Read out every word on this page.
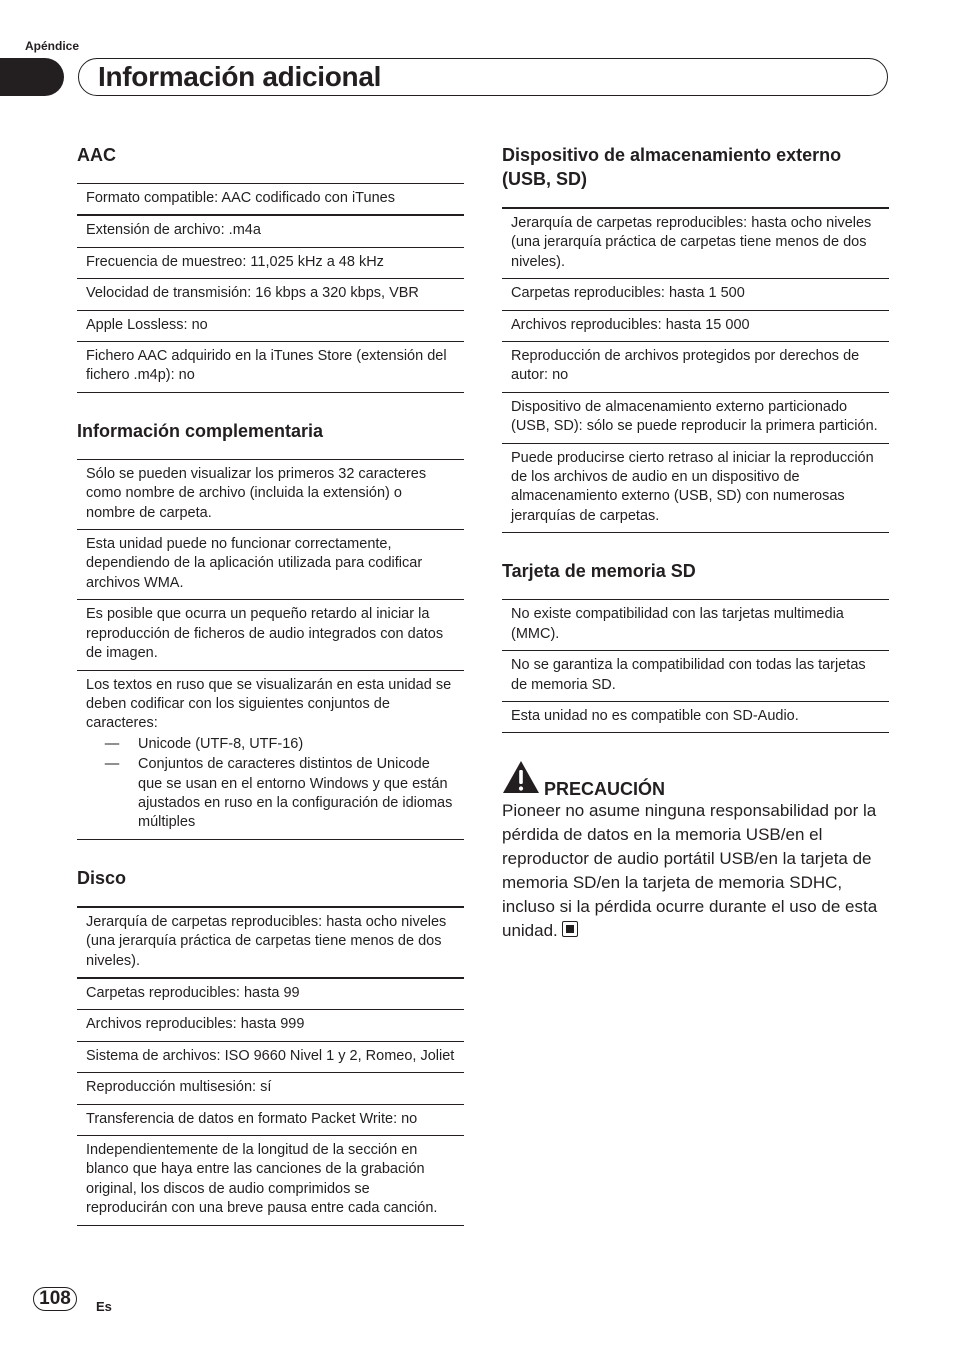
Apéndice
Información adicional
AAC
Formato compatible: AAC codificado con iTunes
Extensión de archivo: .m4a
Frecuencia de muestreo: 11,025 kHz a 48 kHz
Velocidad de transmisión: 16 kbps a 320 kbps, VBR
Apple Lossless: no
Fichero AAC adquirido en la iTunes Store (extensión del fichero .m4p): no
Información complementaria
Sólo se pueden visualizar los primeros 32 caracteres como nombre de archivo (incluida la extensión) o nombre de carpeta.
Esta unidad puede no funcionar correctamente, dependiendo de la aplicación utilizada para codificar archivos WMA.
Es posible que ocurra un pequeño retardo al iniciar la reproducción de ficheros de audio integrados con datos de imagen.
Los textos en ruso que se visualizarán en esta unidad se deben codificar con los siguientes conjuntos de caracteres:
—	Unicode (UTF-8, UTF-16)
—	Conjuntos de caracteres distintos de Unicode que se usan en el entorno Windows y que están ajustados en ruso en la configuración de idiomas múltiples
Disco
Jerarquía de carpetas reproducibles: hasta ocho niveles (una jerarquía práctica de carpetas tiene menos de dos niveles).
Carpetas reproducibles: hasta 99
Archivos reproducibles: hasta 999
Sistema de archivos: ISO 9660 Nivel 1 y 2, Romeo, Joliet
Reproducción multisesión: sí
Transferencia de datos en formato Packet Write: no
Independientemente de la longitud de la sección en blanco que haya entre las canciones de la grabación original, los discos de audio comprimidos se reproducirán con una breve pausa entre cada canción.
Dispositivo de almacenamiento externo (USB, SD)
Jerarquía de carpetas reproducibles: hasta ocho niveles (una jerarquía práctica de carpetas tiene menos de dos niveles).
Carpetas reproducibles: hasta 1 500
Archivos reproducibles: hasta 15 000
Reproducción de archivos protegidos por derechos de autor: no
Dispositivo de almacenamiento externo particionado (USB, SD): sólo se puede reproducir la primera partición.
Puede producirse cierto retraso al iniciar la reproducción de los archivos de audio en un dispositivo de almacenamiento externo (USB, SD) con numerosas jerarquías de carpetas.
Tarjeta de memoria SD
No existe compatibilidad con las tarjetas multimedia (MMC).
No se garantiza la compatibilidad con todas las tarjetas de memoria SD.
Esta unidad no es compatible con SD-Audio.
PRECAUCIÓN

Pioneer no asume ninguna responsabilidad por la pérdida de datos en la memoria USB/en el reproductor de audio portátil USB/en la tarjeta de memoria SD/en la tarjeta de memoria SDHC, incluso si la pérdida ocurre durante el uso de esta unidad.

108	Es
